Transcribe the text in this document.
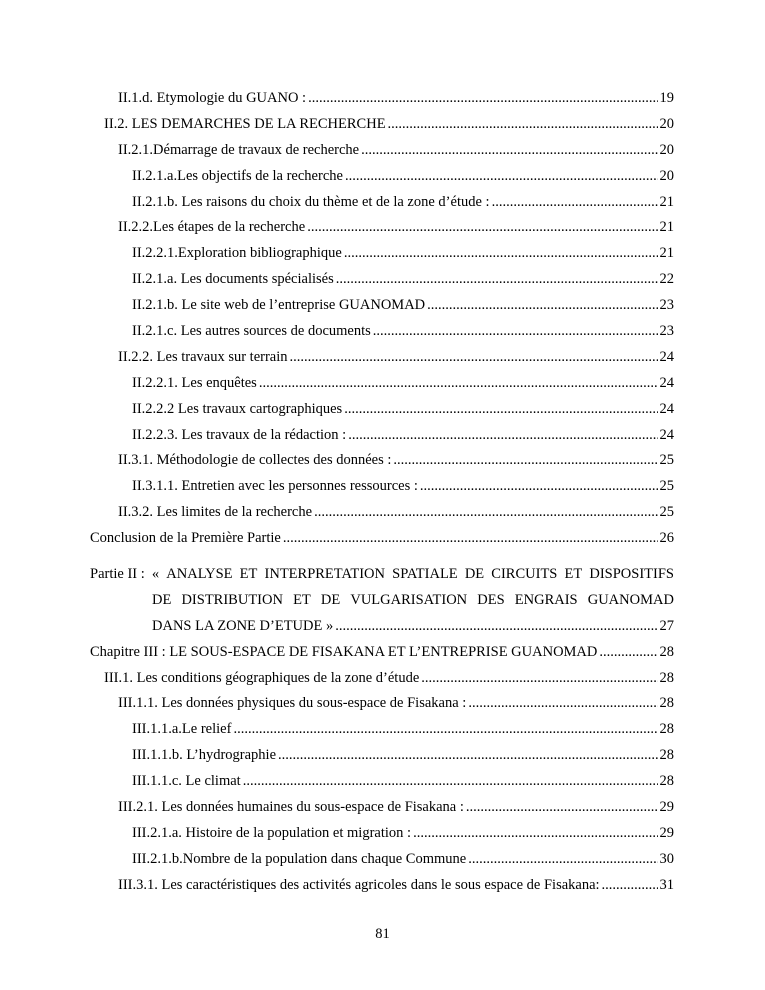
II.1.d. Etymologie du GUANO : .....	19
II.2. LES DEMARCHES DE LA RECHERCHE .....	20
II.2.1.Démarrage de travaux de recherche .....	20
II.2.1.a.Les objectifs de la recherche .....	20
II.2.1.b. Les raisons du choix du thème et de la zone d’étude : .....	21
II.2.2.Les étapes de la recherche .....	21
II.2.2.1.Exploration bibliographique .....	21
II.2.1.a. Les documents spécialisés .....	22
II.2.1.b. Le site web de l’entreprise GUANOMAD .....	23
II.2.1.c. Les autres sources de documents .....	23
II.2.2. Les travaux sur terrain .....	24
II.2.2.1. Les enquêtes .....	24
II.2.2.2 Les travaux cartographiques .....	24
II.2.2.3. Les travaux de la rédaction : .....	24
II.3.1. Méthodologie de collectes des données : .....	25
II.3.1.1. Entretien avec les personnes ressources : .....	25
II.3.2. Les limites de la recherche .....	25
Conclusion de la Première Partie .....	26
Partie II : « ANALYSE ET INTERPRETATION SPATIALE DE CIRCUITS ET DISPOSITIFS
DE DISTRIBUTION ET DE VULGARISATION DES ENGRAIS GUANOMAD
DANS LA ZONE D’ETUDE » .....	27
Chapitre III : LE SOUS-ESPACE DE FISAKANA ET L’ENTREPRISE GUANOMAD .....	28
III.1. Les conditions géographiques de la zone d’étude .....	28
III.1.1. Les données physiques du sous-espace de Fisakana : .....	28
III.1.1.a.Le relief .....	28
III.1.1.b. L’hydrographie .....	28
III.1.1.c. Le climat .....	28
III.2.1. Les données humaines du sous-espace de Fisakana : .....	29
III.2.1.a. Histoire de la population et migration : .....	29
III.2.1.b.Nombre de la population dans chaque Commune .....	30
III.3.1. Les caractéristiques des activités agricoles dans le sous espace de Fisakana: .....	31
81
